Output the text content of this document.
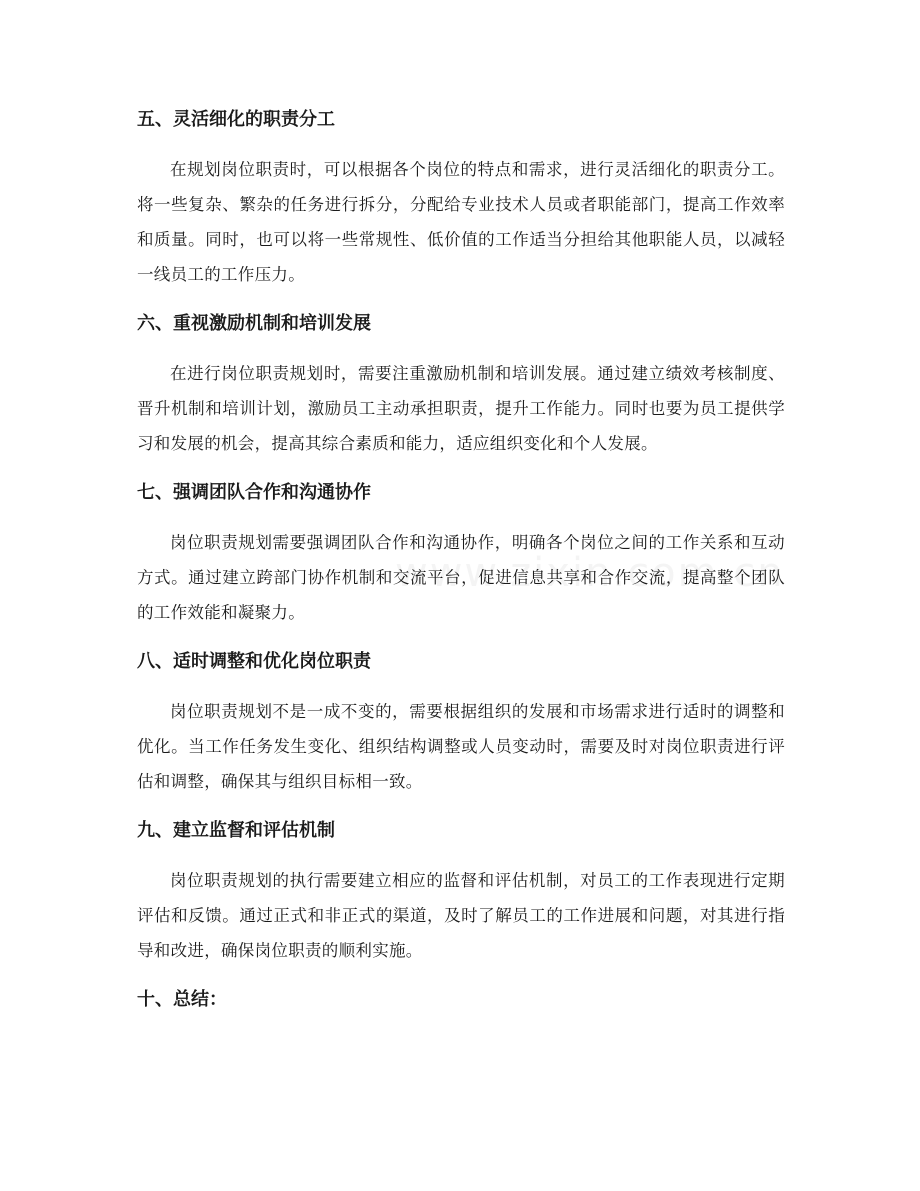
五、灵活细化的职责分工

在规划岗位职责时，可以根据各个岗位的特点和需求，进行灵活细化的职责分工。将一些复杂、繁杂的任务进行拆分，分配给专业技术人员或者职能部门，提高工作效率和质量。同时，也可以将一些常规性、低价值的工作适当分担给其他职能人员，以减轻一线员工的工作压力。

六、重视激励机制和培训发展

在进行岗位职责规划时，需要注重激励机制和培训发展。通过建立绩效考核制度、晋升机制和培训计划，激励员工主动承担职责，提升工作能力。同时也要为员工提供学习和发展的机会，提高其综合素质和能力，适应组织变化和个人发展。

七、强调团队合作和沟通协作

岗位职责规划需要强调团队合作和沟通协作，明确各个岗位之间的工作关系和互动方式。通过建立跨部门协作机制和交流平台，促进信息共享和合作交流，提高整个团队的工作效能和凝聚力。

八、适时调整和优化岗位职责

岗位职责规划不是一成不变的，需要根据组织的发展和市场需求进行适时的调整和优化。当工作任务发生变化、组织结构调整或人员变动时，需要及时对岗位职责进行评估和调整，确保其与组织目标相一致。

九、建立监督和评估机制

岗位职责规划的执行需要建立相应的监督和评估机制，对员工的工作表现进行定期评估和反馈。通过正式和非正式的渠道，及时了解员工的工作进展和问题，对其进行指导和改进，确保岗位职责的顺利实施。

十、总结：
